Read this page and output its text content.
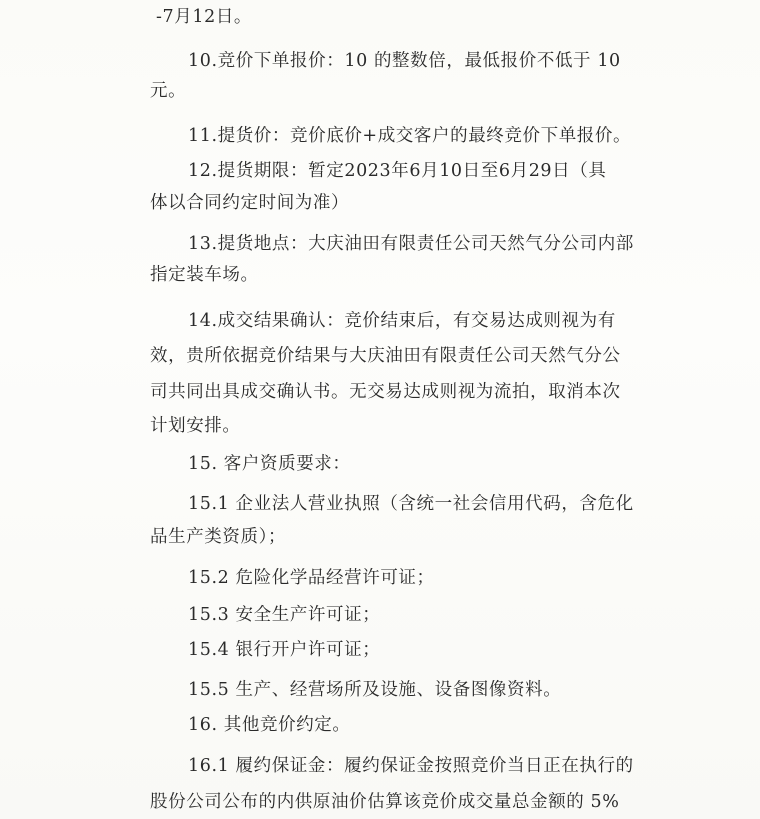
-7月12日。
10.竞价下单报价：10 的整数倍，最低报价不低于 10
元。
11.提货价：竞价底价+成交客户的最终竞价下单报价。
12.提货期限：暂定2023年6月10日至6月29日（具
体以合同约定时间为准）
13.提货地点：大庆油田有限责任公司天然气分公司内部
指定装车场。
14.成交结果确认：竞价结束后，有交易达成则视为有
效，贵所依据竞价结果与大庆油田有限责任公司天然气分公
司共同出具成交确认书。无交易达成则视为流拍，取消本次
计划安排。
15. 客户资质要求：
15.1 企业法人营业执照（含统一社会信用代码，含危化
品生产类资质）；
15.2 危险化学品经营许可证；
15.3 安全生产许可证；
15.4 银行开户许可证；
15.5 生产、经营场所及设施、设备图像资料。
16. 其他竞价约定。
16.1 履约保证金：履约保证金按照竞价当日正在执行的
股份公司公布的内供原油价估算该竞价成交量总金额的 5%
